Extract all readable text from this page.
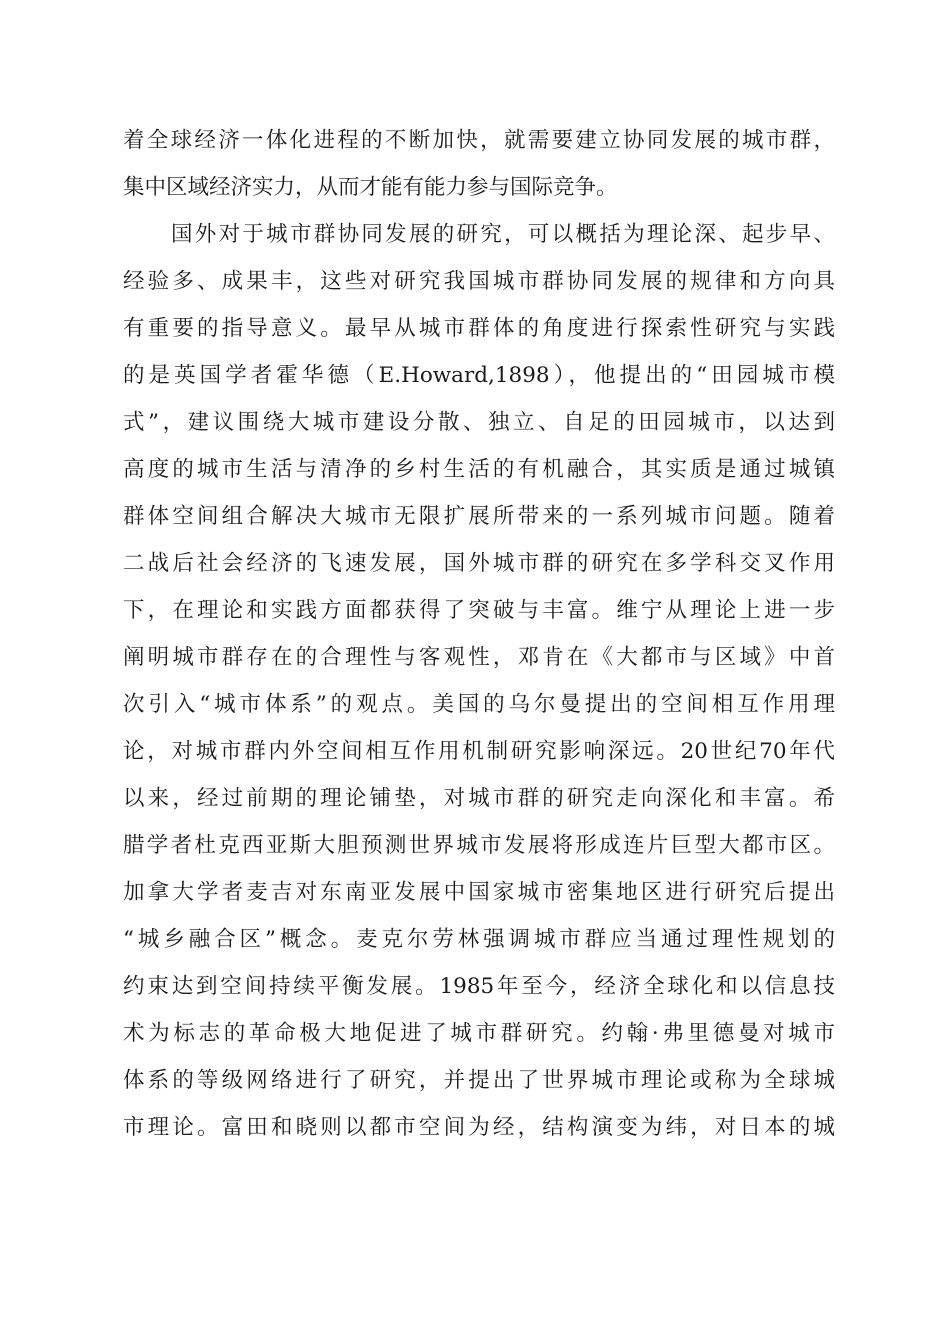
着全球经济一体化进程的不断加快，就需要建立协同发展的城市群，
集中区域经济实力，从而才能有能力参与国际竞争。
国外对于城市群协同发展的研究，可以概括为理论深、起步早、
经验多、成果丰，这些对研究我国城市群协同发展的规律和方向具
有重要的指导意义。最早从城市群体的角度进行探索性研究与实践
的是英国学者霍华德（E.Howard,1898），他提出的“田园城市模
式”，建议围绕大城市建设分散、独立、自足的田园城市，以达到
高度的城市生活与清净的乡村生活的有机融合，其实质是通过城镇
群体空间组合解决大城市无限扩展所带来的一系列城市问题。随着
二战后社会经济的飞速发展，国外城市群的研究在多学科交叉作用
下，在理论和实践方面都获得了突破与丰富。维宁从理论上进一步
阐明城市群存在的合理性与客观性，邓肯在《大都市与区域》中首
次引入“城市体系”的观点。美国的乌尔曼提出的空间相互作用理
论，对城市群内外空间相互作用机制研究影响深远。20世纪70年代
以来，经过前期的理论铺垫，对城市群的研究走向深化和丰富。希
腊学者杜克西亚斯大胆预测世界城市发展将形成连片巨型大都市区。
加拿大学者麦吉对东南亚发展中国家城市密集地区进行研究后提出
“城乡融合区”概念。麦克尔劳林强调城市群应当通过理性规划的
约束达到空间持续平衡发展。1985年至今，经济全球化和以信息技
术为标志的革命极大地促进了城市群研究。约翰·弗里德曼对城市
体系的等级网络进行了研究，并提出了世界城市理论或称为全球城
市理论。富田和晓则以都市空间为经，结构演变为纬，对日本的城
